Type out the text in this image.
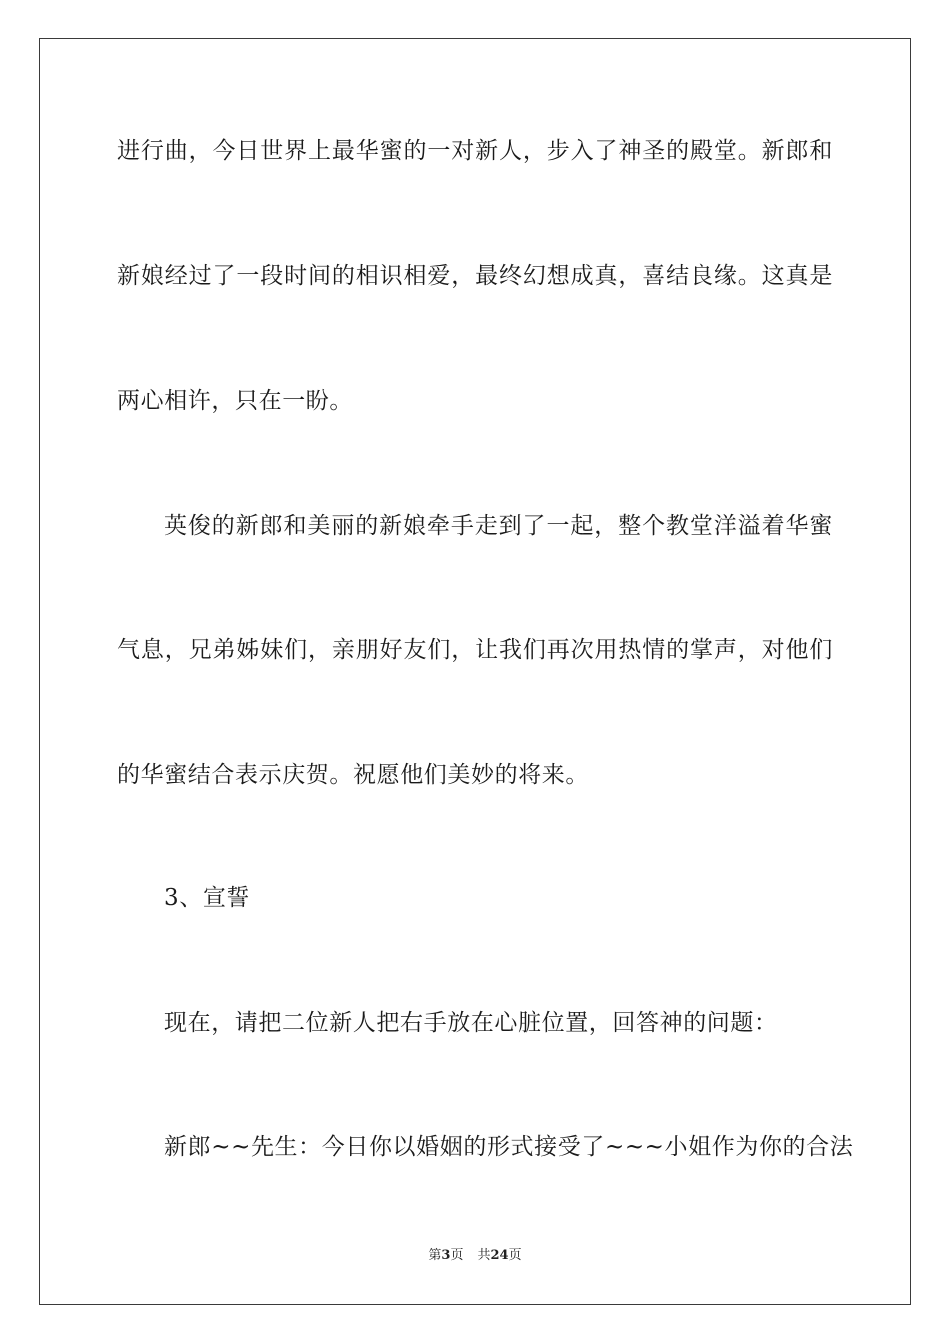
进行曲，今日世界上最华蜜的一对新人，步入了神圣的殿堂。新郎和
新娘经过了一段时间的相识相爱，最终幻想成真，喜结良缘。这真是
两心相许，只在一盼。
英俊的新郎和美丽的新娘牵手走到了一起，整个教堂洋溢着华蜜
气息，兄弟姊妹们，亲朋好友们，让我们再次用热情的掌声，对他们
的华蜜结合表示庆贺。祝愿他们美妙的将来。
3、宣誓
现在，请把二位新人把右手放在心脏位置，回答神的问题：
新郎~~先生：今日你以婚姻的形式接受了~~~小姐作为你的合法
第3页 共24页
